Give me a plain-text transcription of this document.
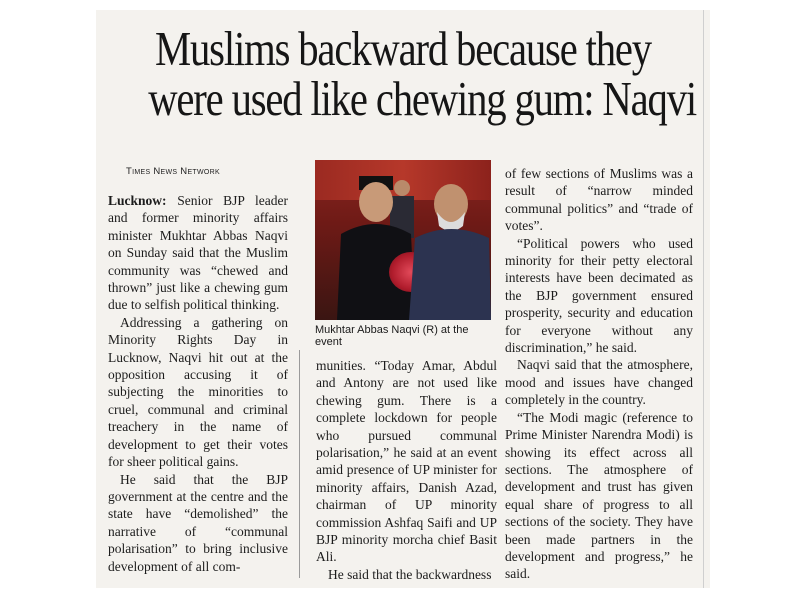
Muslims backward because they
were used like chewing gum: Naqvi
Times News Network

Lucknow: Senior BJP leader and former minority affairs minister Mukhtar Abbas Naqvi on Sunday said that the Muslim community was “chewed and thrown” just like a chewing gum due to selfish political thinking.

Addressing a gathering on Minority Rights Day in Lucknow, Naqvi hit out at the opposition accusing it of subjecting the minorities to cruel, communal and criminal treachery in the name of development to get their votes for sheer political gains.

He said that the BJP government at the centre and the state have “demolished” the narrative of “communal polarisation” to bring inclusive development of all com-

Mukhtar Abbas Naqvi (R) at the event

munities. “Today Amar, Abdul and Antony are not used like chewing gum. There is a complete lockdown for people who pursued communal polarisation,” he said at an event amid presence of UP minister for minority affairs, Danish Azad, chairman of UP minority commission Ashfaq Saifi and UP BJP minority morcha chief Basit Ali.

He said that the backwardness

of few sections of Muslims was a result of “narrow minded communal politics” and “trade of votes”.

“Political powers who used minority for their petty electoral interests have been decimated as the BJP government ensured prosperity, security and education for everyone without any discrimination,” he said.

Naqvi said that the atmosphere, mood and issues have changed completely in the country.

“The Modi magic (reference to Prime Minister Narendra Modi) is showing its effect across all sections. The atmosphere of development and trust has given equal share of progress to all sections of the society. They have been made partners in the development and progress,” he said.
